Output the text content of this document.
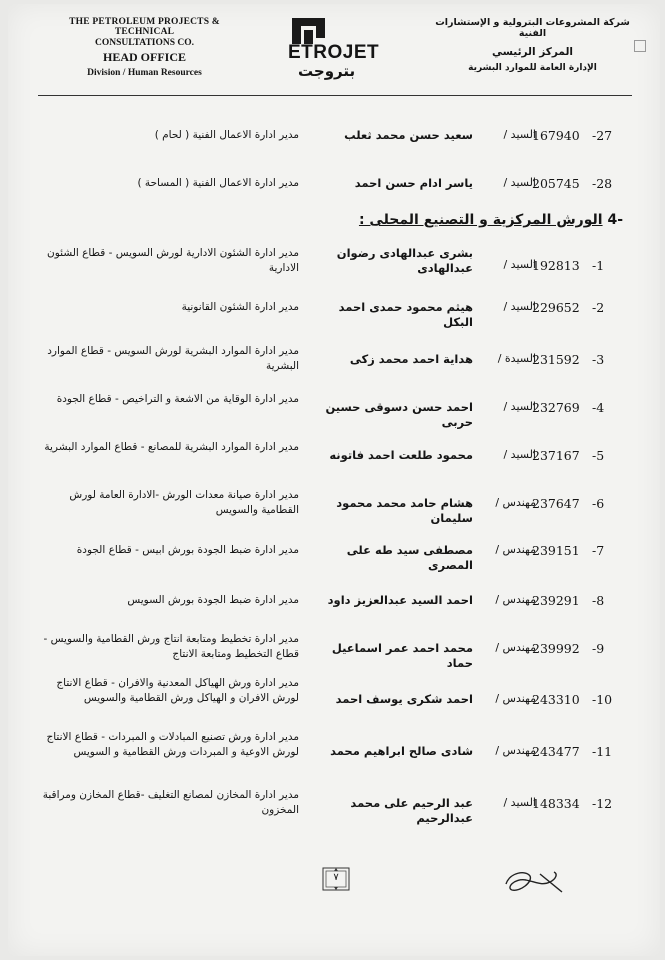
THE PETROLEUM PROJECTS & TECHNICAL
CONSULTATIONS CO.
HEAD OFFICE
Division / Human Resources
ETROJET
بتروجت
شركة المشروعات البترولية و الإستشارات الفنية
المركز الرئيسي
الإدارة العامة للموارد البشرية
-27
167940
السيد /
سعيد حسن محمد ثعلب
مدير ادارة الاعمال الفنية ( لحام )
-28
205745
السيد /
ياسر ادام حسن احمد
مدير ادارة الاعمال الفنية ( المساحة )
-4 الورش المركزية و التصنيع المحلى :
-1
192813
السيد /
بشرى عبدالهادى رضوان عبدالهادى
مدير ادارة الشئون الادارية لورش السويس - قطاع الشئون الادارية
-2
229652
السيد /
هيثم محمود حمدى احمد البكل
مدير ادارة الشئون القانونية
-3
231592
السيدة /
هداية احمد محمد زكى
مدير ادارة الموارد البشرية لورش السويس - قطاع الموارد البشرية
-4
232769
السيد /
احمد حسن دسوقى حسين حربى
مدير ادارة الوقاية من الاشعة و التراخيص - قطاع الجودة
-5
237167
السيد /
محمود طلعت احمد فاتونه
مدير ادارة الموارد البشرية للمصانع - قطاع الموارد البشرية
-6
237647
مهندس /
هشام حامد محمد محمود سليمان
مدير ادارة صيانة معدات الورش -الادارة العامة لورش القطامية والسويس
-7
239151
مهندس /
مصطفى سيد طه على المصرى
مدير ادارة ضبط الجودة بورش ابيس - قطاع الجودة
-8
239291
مهندس /
احمد السيد عبدالعزيز داود
مدير ادارة ضبط الجودة بورش السويس
-9
239992
مهندس /
محمد احمد عمر اسماعيل حماد
مدير ادارة تخطيط ومتابعة انتاج ورش القطامية والسويس - قطاع التخطيط ومتابعة الانتاج
-10
243310
مهندس /
احمد شكرى يوسف احمد
مدير ادارة ورش الهياكل المعدنية والافران - قطاع الانتاج لورش الافران و الهياكل ورش القطامية والسويس
-11
243477
مهندس /
شادى صالح ابراهيم محمد
مدير ادارة ورش تصنيع المبادلات و المبردات - قطاع الانتاج لورش الاوعية و المبردات ورش القطامية و السويس
-12
148334
السيد /
عبد الرحيم على محمد عبدالرحيم
مدير ادارة المخازن لمصانع التغليف -قطاع المخازن ومراقبة المخزون
٧
